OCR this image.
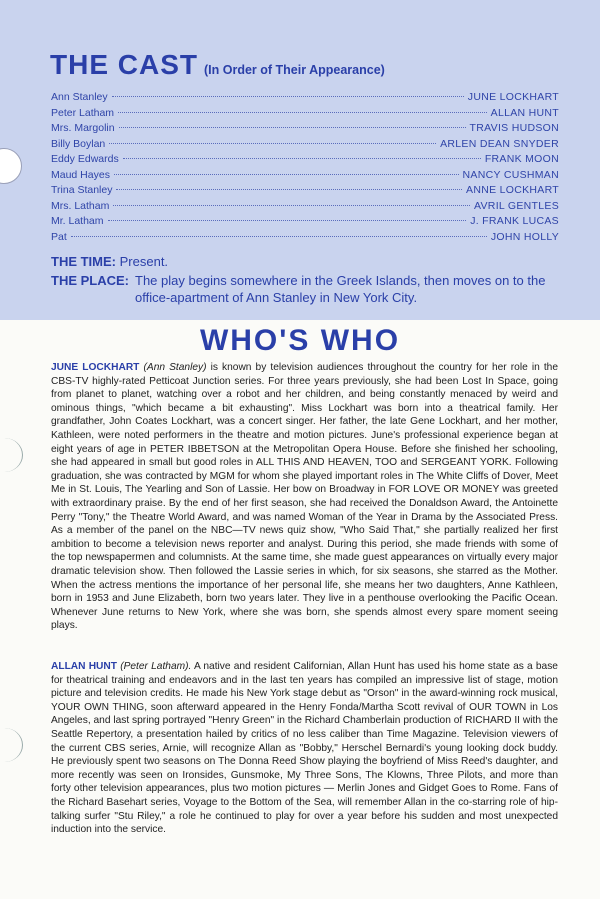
THE CAST (In Order of Their Appearance)
Ann Stanley	JUNE LOCKHART
Peter Latham	ALLAN HUNT
Mrs. Margolin	TRAVIS HUDSON
Billy Boylan	ARLEN DEAN SNYDER
Eddy Edwards	FRANK MOON
Maud Hayes	NANCY CUSHMAN
Trina Stanley	ANNE LOCKHART
Mrs. Latham	AVRIL GENTLES
Mr. Latham	J. FRANK LUCAS
Pat	JOHN HOLLY
THE TIME: Present.
THE PLACE: The play begins somewhere in the Greek Islands, then moves on to the office-apartment of Ann Stanley in New York City.
WHO'S WHO
JUNE LOCKHART (Ann Stanley) is known by television audiences throughout the country for her role in the CBS-TV highly-rated Petticoat Junction series. For three years previously, she had been Lost In Space, going from planet to planet, watching over a robot and her children, and being constantly menaced by weird and ominous things, "which became a bit exhausting". Miss Lockhart was born into a theatrical family. Her grandfather, John Coates Lockhart, was a concert singer. Her father, the late Gene Lockhart, and her mother, Kathleen, were noted performers in the theatre and motion pictures. June's professional experience began at eight years of age in PETER IBBETSON at the Metropolitan Opera House. Before she finished her schooling, she had appeared in small but good roles in ALL THIS AND HEAVEN, TOO and SERGEANT YORK. Following graduation, she was contracted by MGM for whom she played important roles in The White Cliffs of Dover, Meet Me in St. Louis, The Yearling and Son of Lassie. Her bow on Broadway in FOR LOVE OR MONEY was greeted with extraordinary praise. By the end of her first season, she had received the Donaldson Award, the Antoinette Perry "Tony," the Theatre World Award, and was named Woman of the Year in Drama by the Associated Press. As a member of the panel on the NBC—TV news quiz show, "Who Said That," she partially realized her first ambition to become a television news reporter and analyst. During this period, she made friends with some of the top newspapermen and columnists. At the same time, she made guest appearances on virtually every major dramatic television show. Then followed the Lassie series in which, for six seasons, she starred as the Mother. When the actress mentions the importance of her personal life, she means her two daughters, Anne Kathleen, born in 1953 and June Elizabeth, born two years later. They live in a penthouse overlooking the Pacific Ocean. Whenever June returns to New York, where she was born, she spends almost every spare moment seeing plays.
ALLAN HUNT (Peter Latham). A native and resident Californian, Allan Hunt has used his home state as a base for theatrical training and endeavors and in the last ten years has compiled an impressive list of stage, motion picture and television credits. He made his New York stage debut as "Orson" in the award-winning rock musical, YOUR OWN THING, soon afterward appeared in the Henry Fonda/Martha Scott revival of OUR TOWN in Los Angeles, and last spring portrayed "Henry Green" in the Richard Chamberlain production of RICHARD II with the Seattle Repertory, a presentation hailed by critics of no less caliber than Time Magazine. Television viewers of the current CBS series, Arnie, will recognize Allan as "Bobby," Herschel Bernardi's young looking dock buddy. He previously spent two seasons on The Donna Reed Show playing the boyfriend of Miss Reed's daughter, and more recently was seen on Ironsides, Gunsmoke, My Three Sons, The Klowns, Three Pilots, and more than forty other television appearances, plus two motion pictures — Merlin Jones and Gidget Goes to Rome. Fans of the Richard Basehart series, Voyage to the Bottom of the Sea, will remember Allan in the co-starring role of hip-talking surfer "Stu Riley," a role he continued to play for over a year before his sudden and most unexpected induction into the service.
